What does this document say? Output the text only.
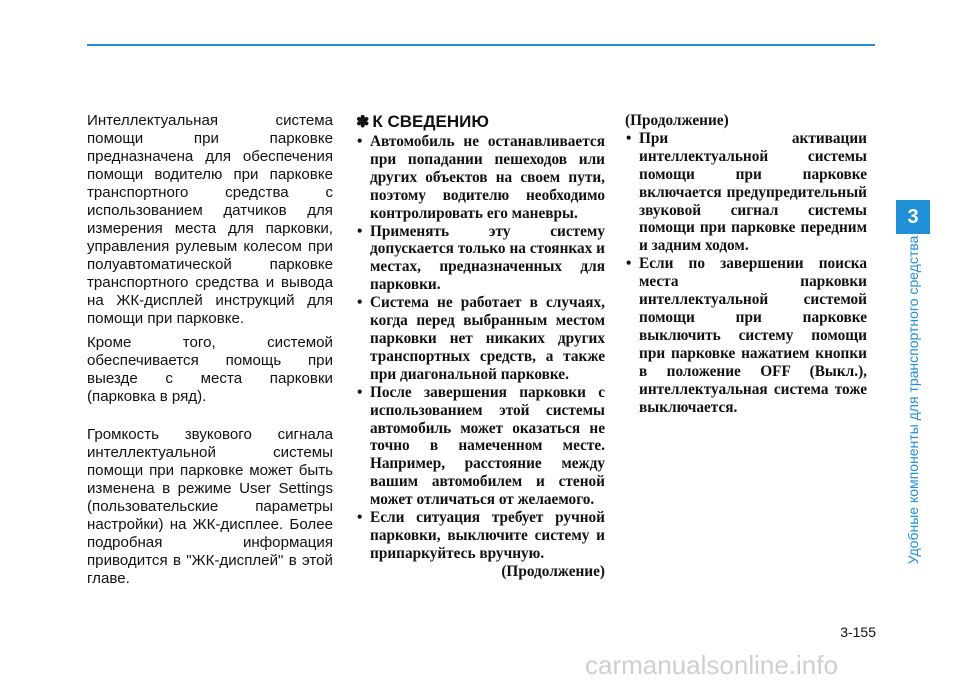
Интеллектуальная система помощи при парковке предназначена для обеспечения помощи водителю при парковке транспортного средства с использованием датчиков для измерения места для парковки, управления рулевым колесом при полуавтоматической парковке транспортного средства и вывода на ЖК-дисплей инструкций для помощи при парковке.

Кроме того, системой обеспечивается помощь при выезде с места парковки (парковка в ряд).

Громкость звукового сигнала интеллектуальной системы помощи при парковке может быть изменена в режиме User Settings (пользовательские параметры настройки) на ЖК-дисплее. Более подробная информация приводится в "ЖК-дисплей" в этой главе.

✽ К СВЕДЕНИЮ
• Автомобиль не останавливается при попадании пешеходов или других объектов на своем пути, поэтому водителю необходимо контролировать его маневры.
• Применять эту систему допускается только на стоянках и местах, предназначенных для парковки.
• Система не работает в случаях, когда перед выбранным местом парковки нет никаких других транспортных средств, а также при диагональной парковке.
• После завершения парковки с использованием этой системы автомобиль может оказаться не точно в намеченном месте. Например, расстояние между вашим автомобилем и стеной может отличаться от желаемого.
• Если ситуация требует ручной парковки, выключите систему и припаркуйтесь вручную.
(Продолжение)

(Продолжение)

• При активации интеллектуальной системы помощи при парковке включается предупредительный звуковой сигнал системы помощи при парковке передним и задним ходом.
• Если по завершении поиска места парковки интеллектуальной системой помощи при парковке выключить систему помощи при парковке нажатием кнопки в положение OFF (Выкл.), интеллектуальная система тоже выключается.
3
Удобные компоненты для транспортного средства
3-155
carmanualsonline.info
